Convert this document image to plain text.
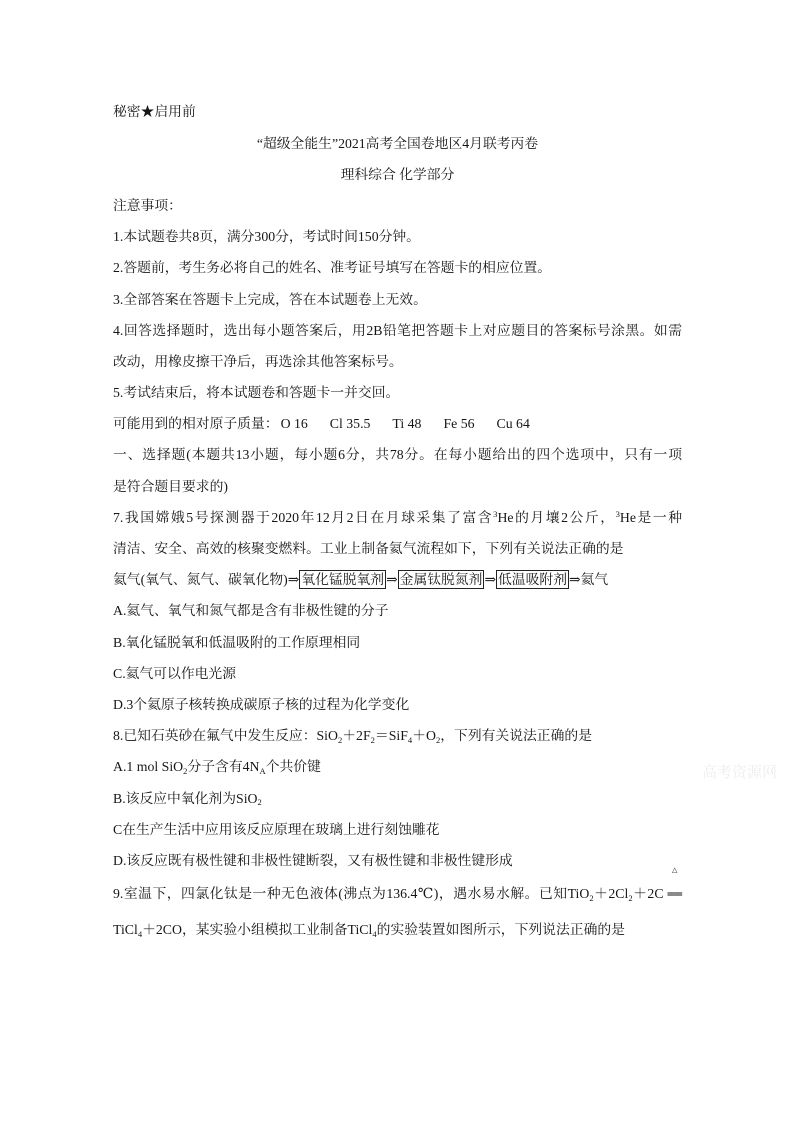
秘密★启用前
“超级全能生”2021高考全国卷地区4月联考丙卷
理科综合 化学部分
注意事项：
1.本试题卷共8页，满分300分，考试时间150分钟。
2.答题前，考生务必将自己的姓名、准考证号填写在答题卡的相应位置。
3.全部答案在答题卡上完成，答在本试题卷上无效。
4.回答选择题时，选出每小题答案后，用2B铅笔把答题卡上对应题目的答案标号涂黑。如需
改动，用橡皮擦干净后，再选涂其他答案标号。
5.考试结束后，将本试题卷和答题卡一并交回。
可能用到的相对原子质量： O 16 Cl 35.5 Ti 48 Fe 56 Cu 64
一、选择题(本题共13小题，每小题6分，共78分。在每小题给出的四个选项中，只有一项
是符合题目要求的)
7.我国嫦娥5号探测器于2020年12月2日在月球采集了富含$^3$He的月壤2公斤，$^3$He是一种
清洁、安全、高效的核聚变燃料。工业上制备氦气流程如下，下列有关说法正确的是
氦气(氧气、氮气、碳氧化物)⇒ 氧化锰脱氧剂 ⇒ 金属钛脱氮剂 ⇒ 低温吸附剂 ⇒氦气
A.氦气、氧气和氮气都是含有非极性键的分子
B.氧化锰脱氧和低温吸附的工作原理相同
C.氦气可以作电光源
D.3个氦原子核转换成碳原子核的过程为化学变化
8.已知石英砂在氟气中发生反应：$SiO_2+2F_2=SiF_4+O_2$，下列有关说法正确的是
A.1 mol SiO$_2$分子含有$4N_A$个共价键
B.该反应中氧化剂为SiO$_2$
C在生产生活中应用该反应原理在玻璃上进行刻蚀雕花
D.该反应既有极性键和非极性键断裂，又有极性键和非极性键形成
9.室温下，四氯化钛是一种无色液体(沸点为136.4℃)，遇水易水解。已知$TiO_2+2Cl_2+2C$
△
══
TiCl$_4$＋2CO，某实验小组模拟工业制备TiCl$_4$的实验装置如图所示，下列说法正确的是
高考资源网
